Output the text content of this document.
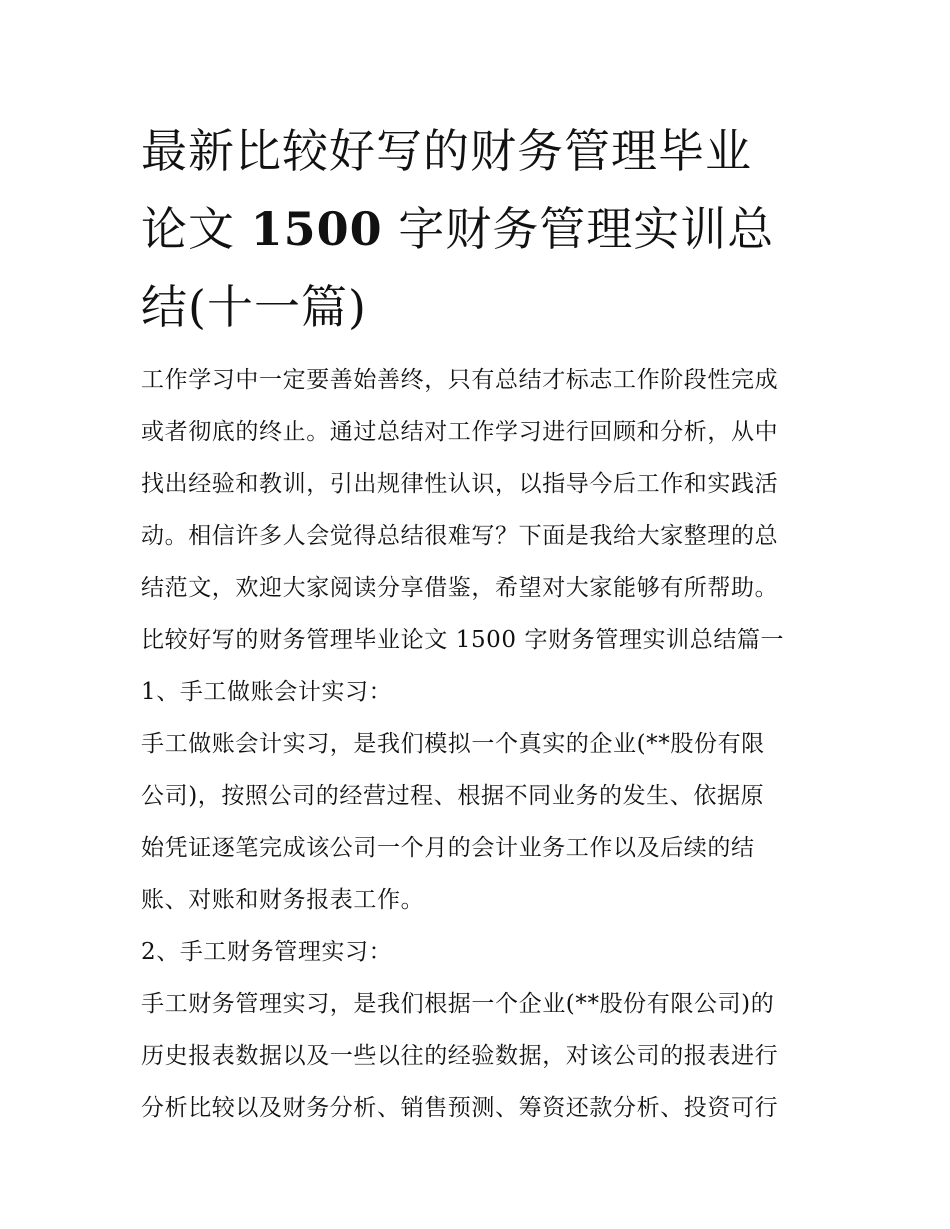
最新比较好写的财务管理毕业
论文 1500 字财务管理实训总
结(十一篇)
工作学习中一定要善始善终，只有总结才标志工作阶段性完成
或者彻底的终止。通过总结对工作学习进行回顾和分析，从中
找出经验和教训，引出规律性认识，以指导今后工作和实践活
动。相信许多人会觉得总结很难写？下面是我给大家整理的总
结范文，欢迎大家阅读分享借鉴，希望对大家能够有所帮助。
比较好写的财务管理毕业论文 1500 字财务管理实训总结篇一
1、手工做账会计实习：
手工做账会计实习，是我们模拟一个真实的企业(**股份有限
公司)，按照公司的经营过程、根据不同业务的发生、依据原
始凭证逐笔完成该公司一个月的会计业务工作以及后续的结
账、对账和财务报表工作。
2、手工财务管理实习：
手工财务管理实习，是我们根据一个企业(**股份有限公司)的
历史报表数据以及一些以往的经验数据，对该公司的报表进行
分析比较以及财务分析、销售预测、筹资还款分析、投资可行
